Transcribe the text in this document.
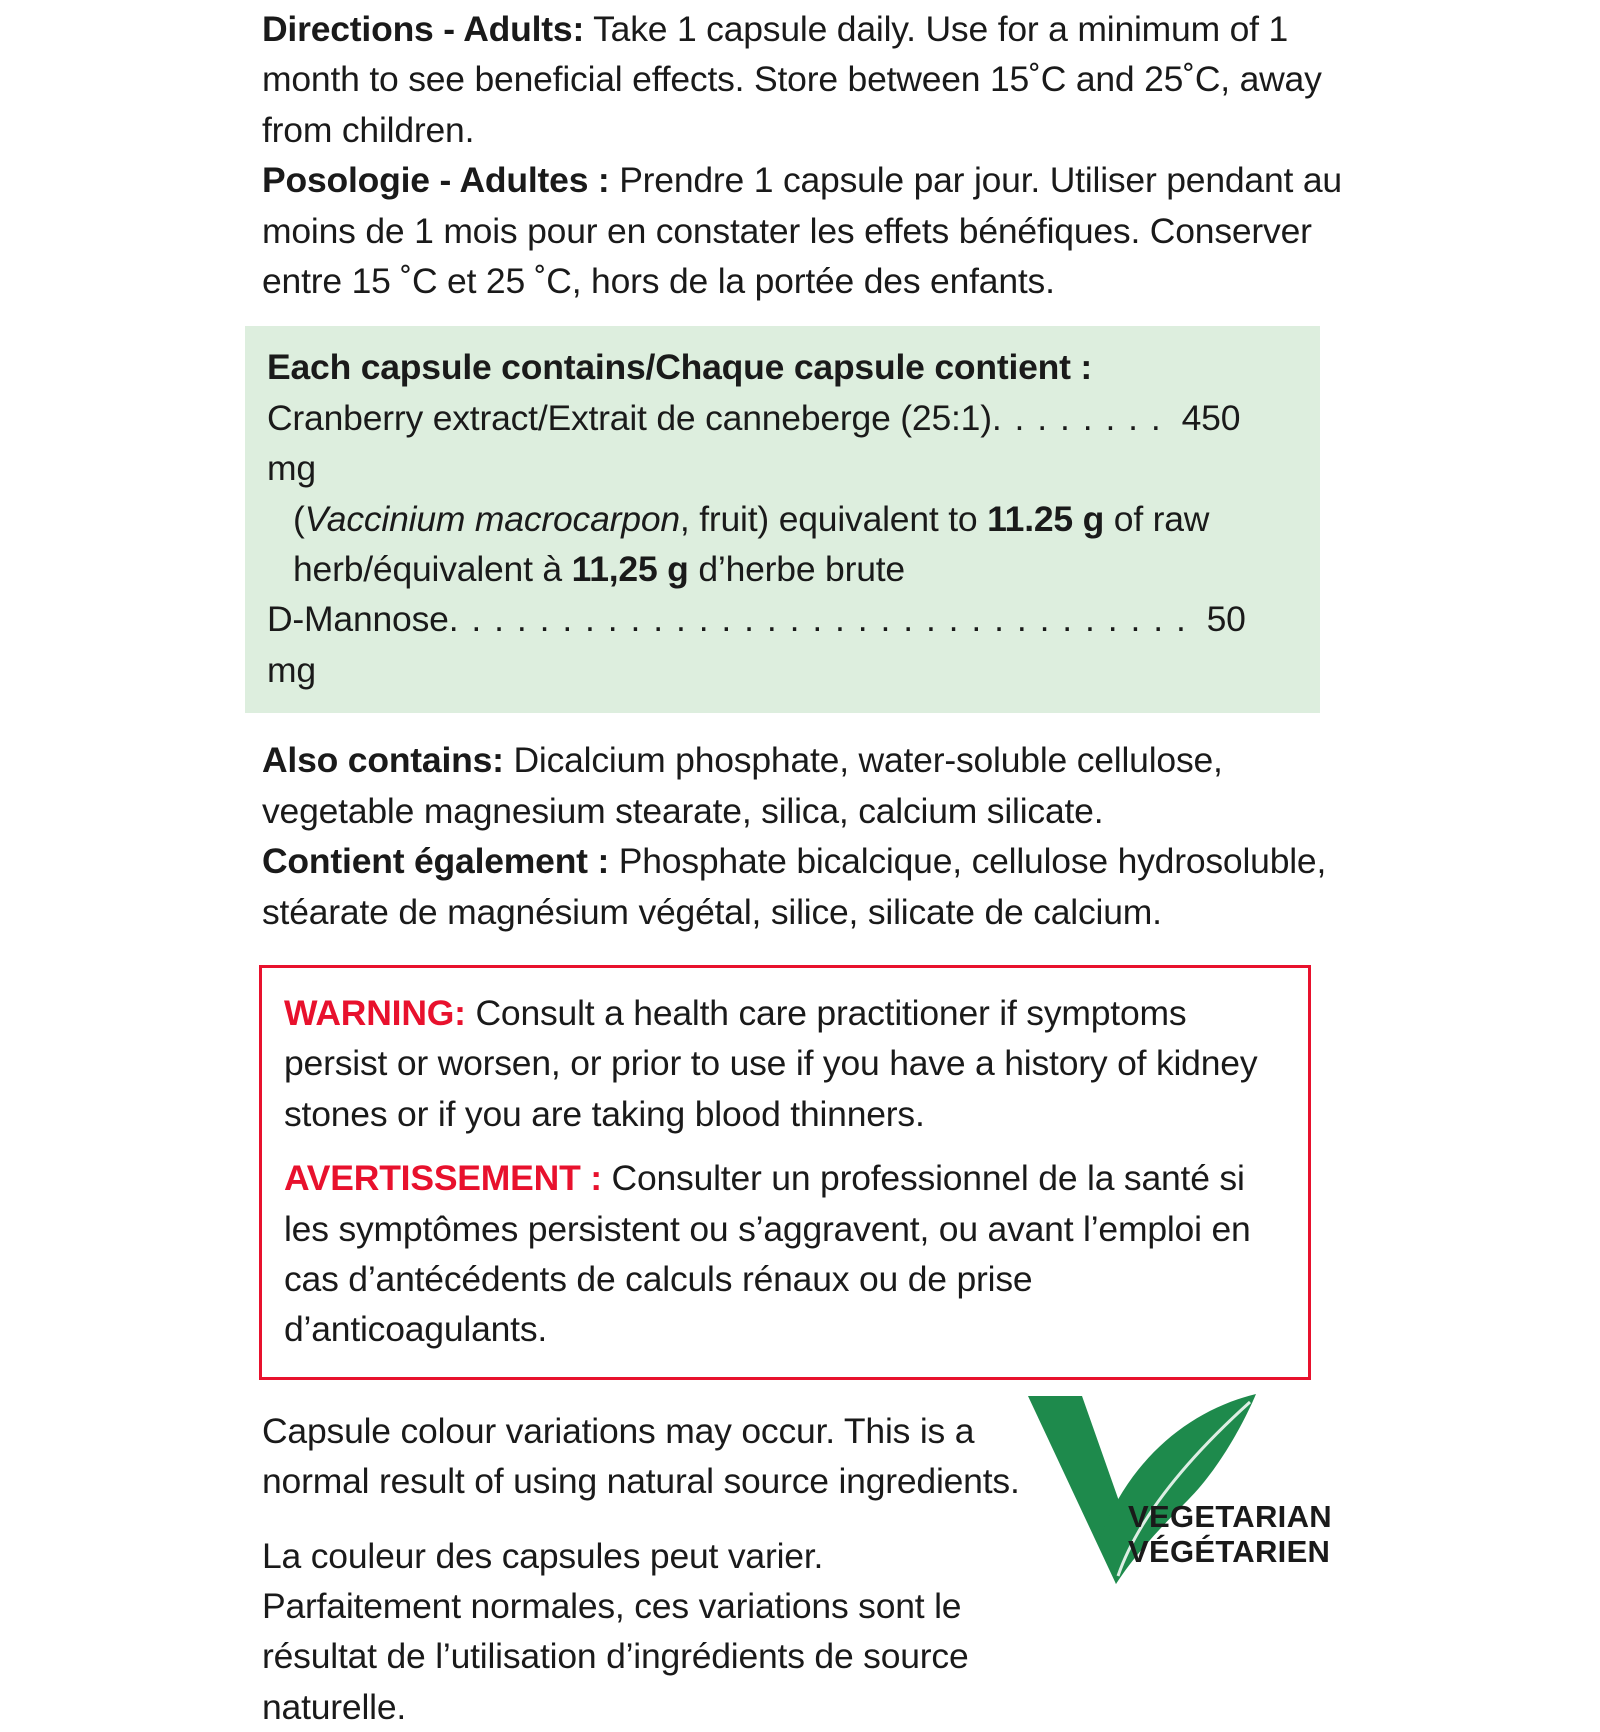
Directions - Adults: Take 1 capsule daily. Use for a minimum of 1 month to see beneficial effects. Store between 15˚C and 25˚C, away from children.

Posologie - Adultes : Prendre 1 capsule par jour. Utiliser pendant au moins de 1 mois pour en constater les effets bénéfiques. Conserver entre 15 ˚C et 25 ˚C, hors de la portée des enfants.

Each capsule contains/Chaque capsule contient :

Cranberry extract/Extrait de canneberge (25:1). . . . . . . . 450 mg

(Vaccinium macrocarpon, fruit) equivalent to 11.25 g of raw herb/équivalent à 11,25 g d’herbe brute

D-Mannose. . . . . . . . . . . . . . . . . . . . . . . . . . . . . . . . . 50 mg

Also contains: Dicalcium phosphate, water-soluble cellulose, vegetable magnesium stearate, silica, calcium silicate.

Contient également : Phosphate bicalcique, cellulose hydrosoluble, stéarate de magnésium végétal, silice, silicate de calcium.

WARNING: Consult a health care practitioner if symptoms persist or worsen, or prior to use if you have a history of kidney stones or if you are taking blood thinners.

AVERTISSEMENT : Consulter un professionnel de la santé si les symptômes persistent ou s’aggravent, ou avant l’emploi en cas d’antécédents de calculs rénaux ou de prise d’anticoagulants.

Capsule colour variations may occur. This is a normal result of using natural source ingredients.

La couleur des capsules peut varier. Parfaitement normales, ces variations sont le résultat de l’utilisation d’ingrédients de source naturelle.

VEGETARIAN
VÉGÉTARIEN
